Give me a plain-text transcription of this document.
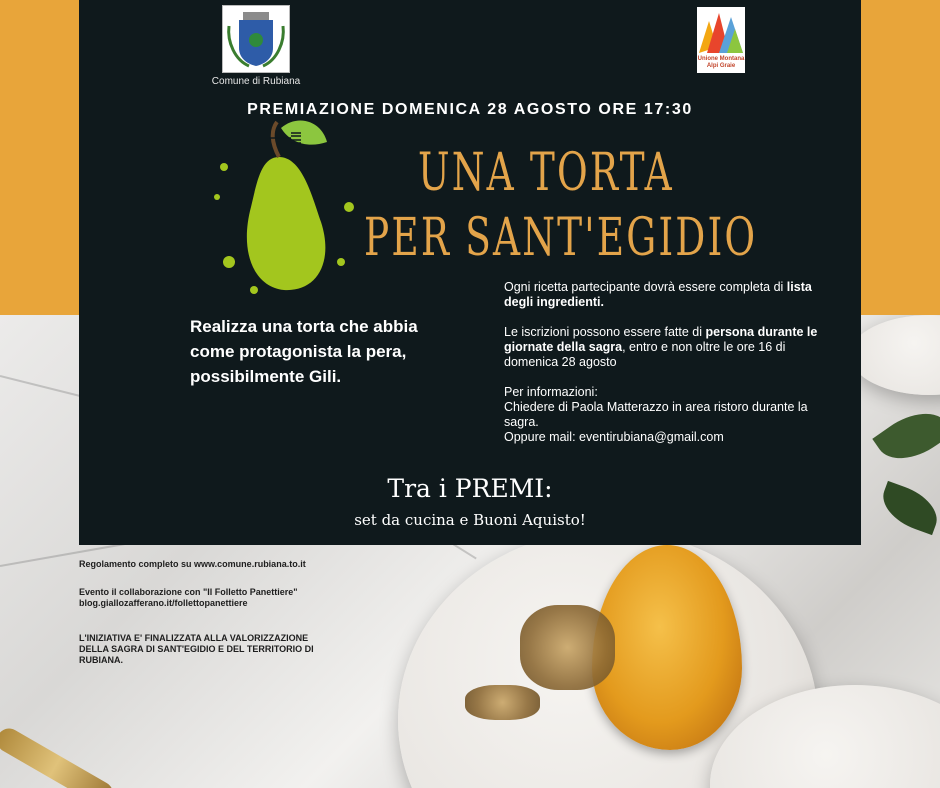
Comune di Rubiana
Unione Montana Alpi Graie
PREMIAZIONE DOMENICA 28 AGOSTO ORE 17:30
UNA TORTA
PER SANT'EGIDIO
Realizza una torta che abbia come protagonista la pera, possibilmente Gili.

Ogni ricetta partecipante dovrà essere completa di lista degli ingredienti.

Le iscrizioni possono essere fatte di persona durante le giornate della sagra, entro e non oltre le ore 16 di domenica 28 agosto

Per informazioni:
Chiedere di Paola Matterazzo in area ristoro durante la sagra.
Oppure mail: eventirubiana@gmail.com

Tra i PREMI:
set da cucina e Buoni Aquisto!
Regolamento completo su www.comune.rubiana.to.it
Evento il collaborazione con "Il Folletto Panettiere"
blog.giallozafferano.it/follettopanettiere
L'INIZIATIVA E' FINALIZZATA ALLA VALORIZZAZIONE DELLA SAGRA DI SANT'EGIDIO E DEL TERRITORIO DI RUBIANA.
